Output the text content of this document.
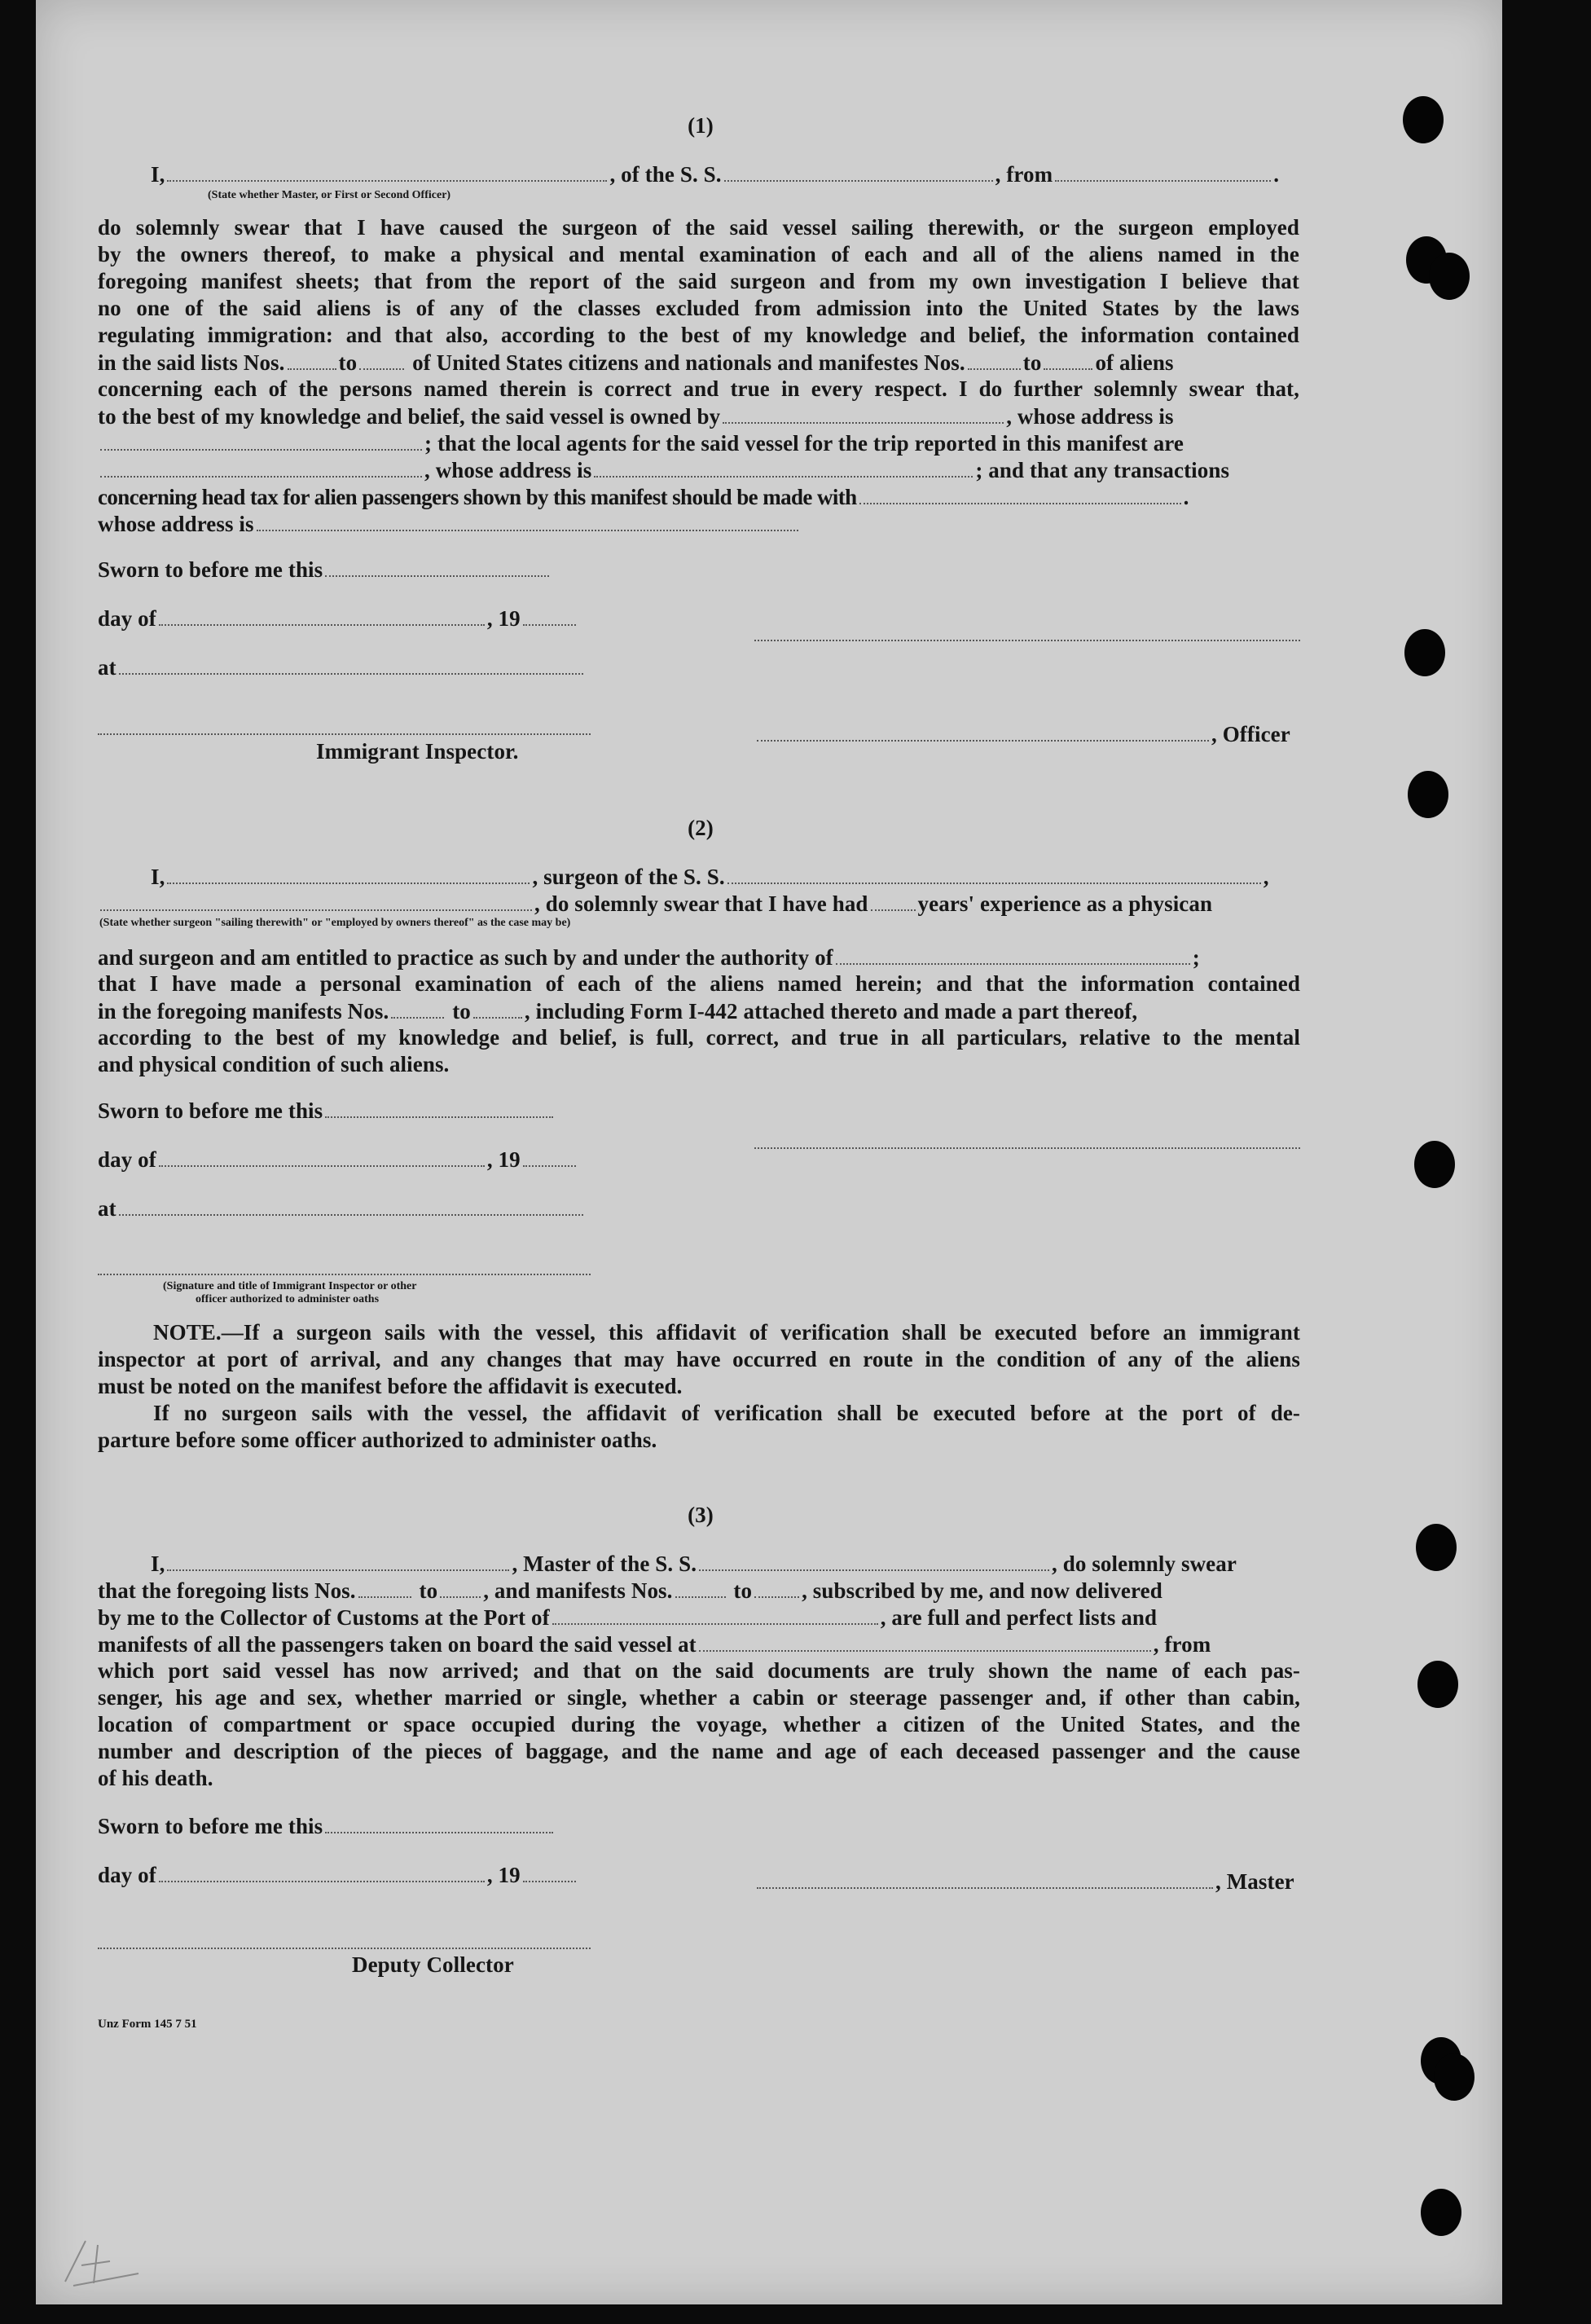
(1)
I,	, of the S. S.	, from	.
(State whether Master, or First or Second Officer)
do solemnly swear that I have caused the surgeon of the said vessel sailing therewith, or the surgeon employed
by the owners thereof, to make a physical and mental examination of each and all of the aliens named in the
foregoing manifest sheets; that from the report of the said surgeon and from my own investigation I believe that
no one of the said aliens is of any of the classes excluded from admission into the United States by the laws
regulating immigration: and that also, according to the best of my knowledge and belief, the information contained
in the said lists Nos. to	of United States citizens and nationals and manifestes Nos.	to of aliens
concerning each of the persons named therein is correct and true in every respect. I do further solemnly swear that,
to the best of my knowledge and belief, the said vessel is owned by	, whose address is
; that the local agents for the said vessel for the trip reported in this manifest are
, whose address is	; and that any transactions
concerning head tax for alien passengers shown by this manifest should be made with	.
whose address is
Sworn to before me this
day of	, 19
at
, Officer
Immigrant Inspector.
(2)
I,	, surgeon of the S. S.	,
, do solemnly swear that I have had years' experience as a physican
(State whether surgeon "sailing therewith" or "employed by owners thereof" as the case may be)
and surgeon and am entitled to practice as such by and under the authority of	;
that I have made a personal examination of each of the aliens named herein; and that the information contained
in the foregoing manifests Nos.	to , including Form I-442 attached thereto and made a part thereof,
according to the best of my knowledge and belief, is full, correct, and true in all particulars, relative to the mental
and physical condition of such aliens.
Sworn to before me this
day of	, 19
at
(Signature and title of Immigrant Inspector or other
officer authorized to administer oaths
NOTE.—If a surgeon sails with the vessel, this affidavit of verification shall be executed before an immigrant
inspector at port of arrival, and any changes that may have occurred en route in the condition of any of the aliens
must be noted on the manifest before the affidavit is executed.
If no surgeon sails with the vessel, the affidavit of verification shall be executed before at the port of de-
parture before some officer authorized to administer oaths.
(3)
I,	, Master of the S. S.	, do solemnly swear
that the foregoing lists Nos.	to , and manifests Nos.	to , subscribed by me, and now delivered
by me to the Collector of Customs at the Port of	, are full and perfect lists and
manifests of all the passengers taken on board the said vessel at	, from
which port said vessel has now arrived; and that on the said documents are truly shown the name of each pas-
senger, his age and sex, whether married or single, whether a cabin or steerage passenger and, if other than cabin,
location of compartment or space occupied during the voyage, whether a citizen of the United States, and the
number and description of the pieces of baggage, and the name and age of each deceased passenger and the cause
of his death.
Sworn to before me this
day of	, 19	, Master
Deputy Collector
Unz Form 145 7 51
